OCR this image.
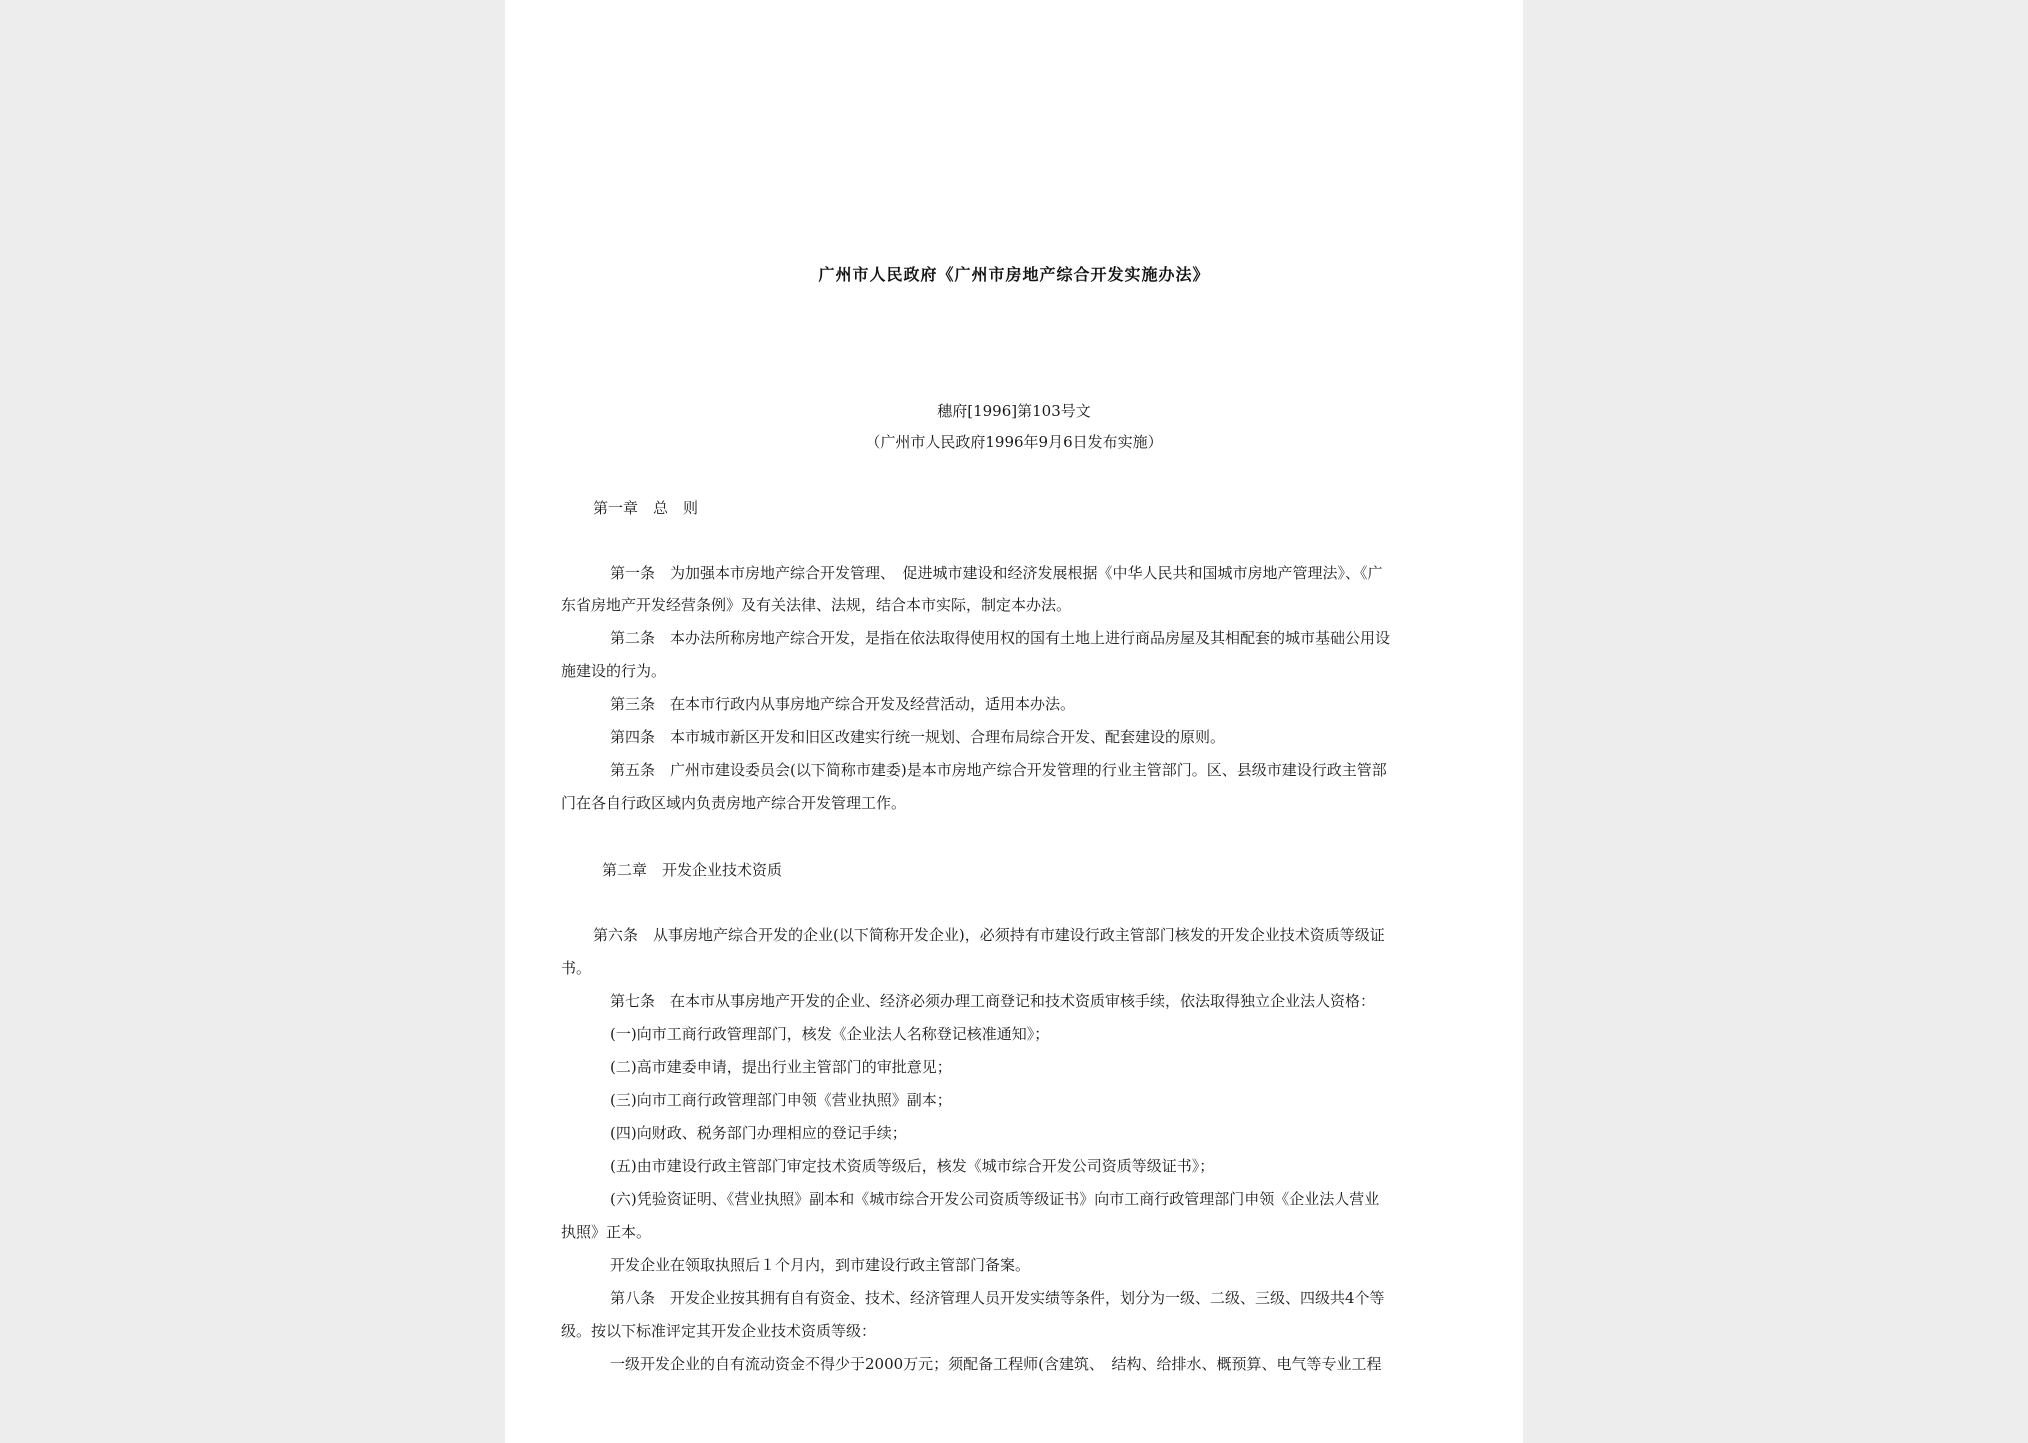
广州市人民政府《广州市房地产综合开发实施办法》
穗府[1996]第103号文
（广州市人民政府1996年9月6日发布实施）
第一章　总　则
第一条　为加强本市房地产综合开发管理、　促进城市建设和经济发展根据《中华人民共和国城市房地产管理法》、《广
东省房地产开发经营条例》及有关法律、法规，结合本市实际，制定本办法。
第二条　本办法所称房地产综合开发，是指在依法取得使用权的国有土地上进行商品房屋及其相配套的城市基础公用设
施建设的行为。
第三条　在本市行政内从事房地产综合开发及经营活动，适用本办法。
第四条　本市城市新区开发和旧区改建实行统一规划、合理布局综合开发、配套建设的原则。
第五条　广州市建设委员会(以下简称市建委)是本市房地产综合开发管理的行业主管部门。区、县级市建设行政主管部
门在各自行政区域内负责房地产综合开发管理工作。
第二章　开发企业技术资质
第六条　从事房地产综合开发的企业(以下简称开发企业)，必须持有市建设行政主管部门核发的开发企业技术资质等级证
书。
第七条　在本市从事房地产开发的企业、经济必须办理工商登记和技术资质审核手续，依法取得独立企业法人资格：
(一)向市工商行政管理部门，核发《企业法人名称登记核准通知》；
(二)高市建委申请，提出行业主管部门的审批意见；
(三)向市工商行政管理部门申领《营业执照》副本；
(四)向财政、税务部门办理相应的登记手续；
(五)由市建设行政主管部门审定技术资质等级后，核发《城市综合开发公司资质等级证书》；
(六)凭验资证明、《营业执照》副本和《城市综合开发公司资质等级证书》向市工商行政管理部门申领《企业法人营业
执照》正本。
开发企业在领取执照后１个月内，到市建设行政主管部门备案。
第八条　开发企业按其拥有自有资金、技术、经济管理人员开发实绩等条件，划分为一级、二级、三级、四级共4个等
级。按以下标准评定其开发企业技术资质等级：
一级开发企业的自有流动资金不得少于2000万元；须配备工程师(含建筑、　结构、给排水、概预算、电气等专业工程
